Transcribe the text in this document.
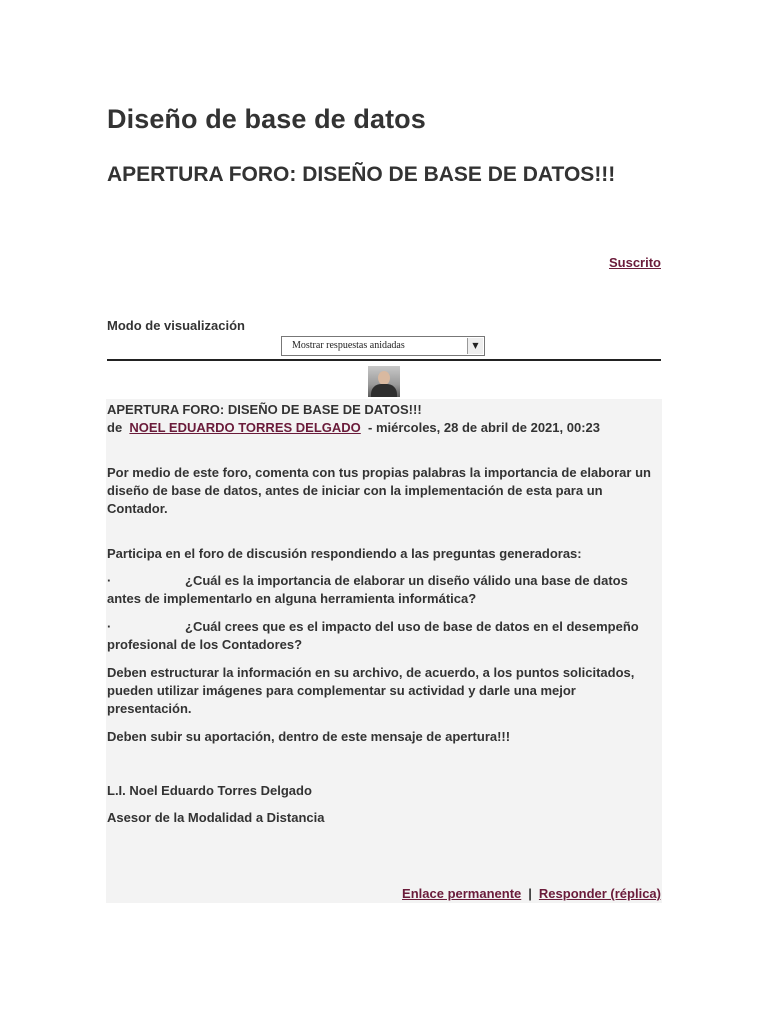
Diseño de base de datos
APERTURA FORO: DISEÑO DE BASE DE DATOS!!!
Suscrito
Modo de visualización
Mostrar respuestas anidadas	▼

APERTURA FORO: DISEÑO DE BASE DE DATOS!!!

de NOEL EDUARDO TORRES DELGADO - miércoles, 28 de abril de 2021, 00:23

Por medio de este foro, comenta con tus propias palabras la importancia de elaborar un diseño de base de datos, antes de iniciar con la implementación de esta para un Contador.

Participa en el foro de discusión respondiendo a las preguntas generadoras:

·	¿Cuál es la importancia de elaborar un diseño válido una base de datos antes de implementarlo en alguna herramienta informática?

·	¿Cuál crees que es el impacto del uso de base de datos en el desempeño profesional de los Contadores?

Deben estructurar la información en su archivo, de acuerdo, a los puntos solicitados, pueden utilizar imágenes para complementar su actividad y darle una mejor presentación.

Deben subir su aportación, dentro de este mensaje de apertura!!!

L.I. Noel Eduardo Torres Delgado

Asesor de la Modalidad a Distancia

Enlace permanente | Responder (réplica)
